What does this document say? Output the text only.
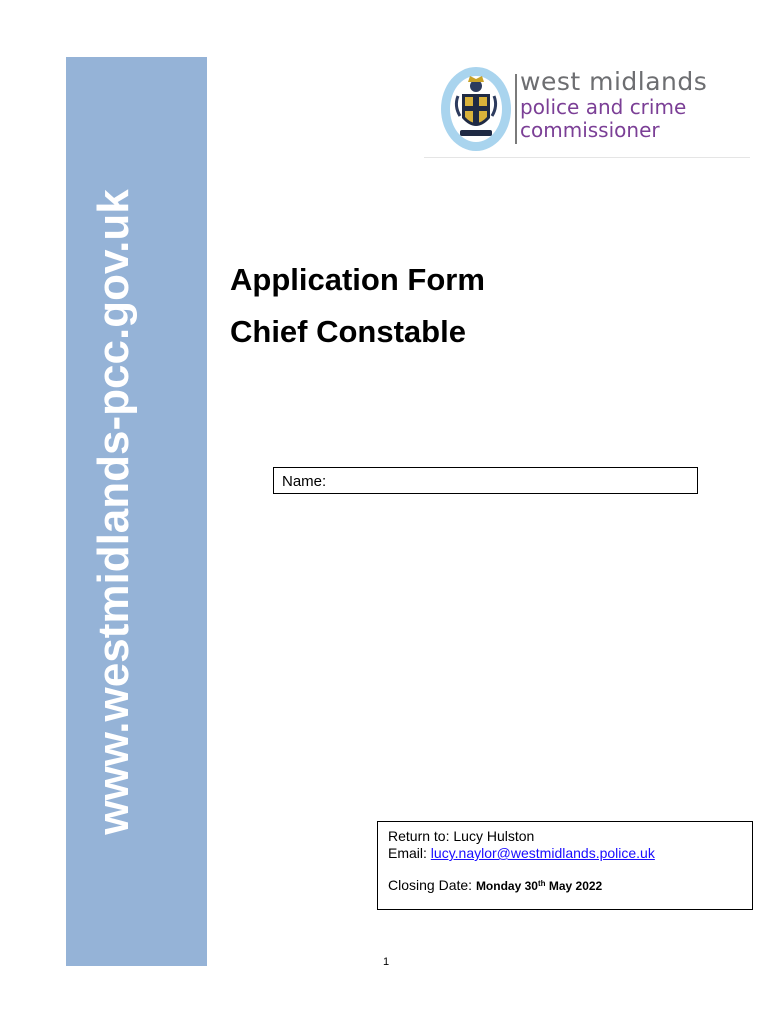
www.westmidlands-pcc.gov.uk
west midlands
police and crime
commissioner
Application Form
Chief Constable
Name:
Return to: Lucy Hulston
Email: lucy.naylor@westmidlands.police.uk
Closing Date: Monday 30th May 2022
1
